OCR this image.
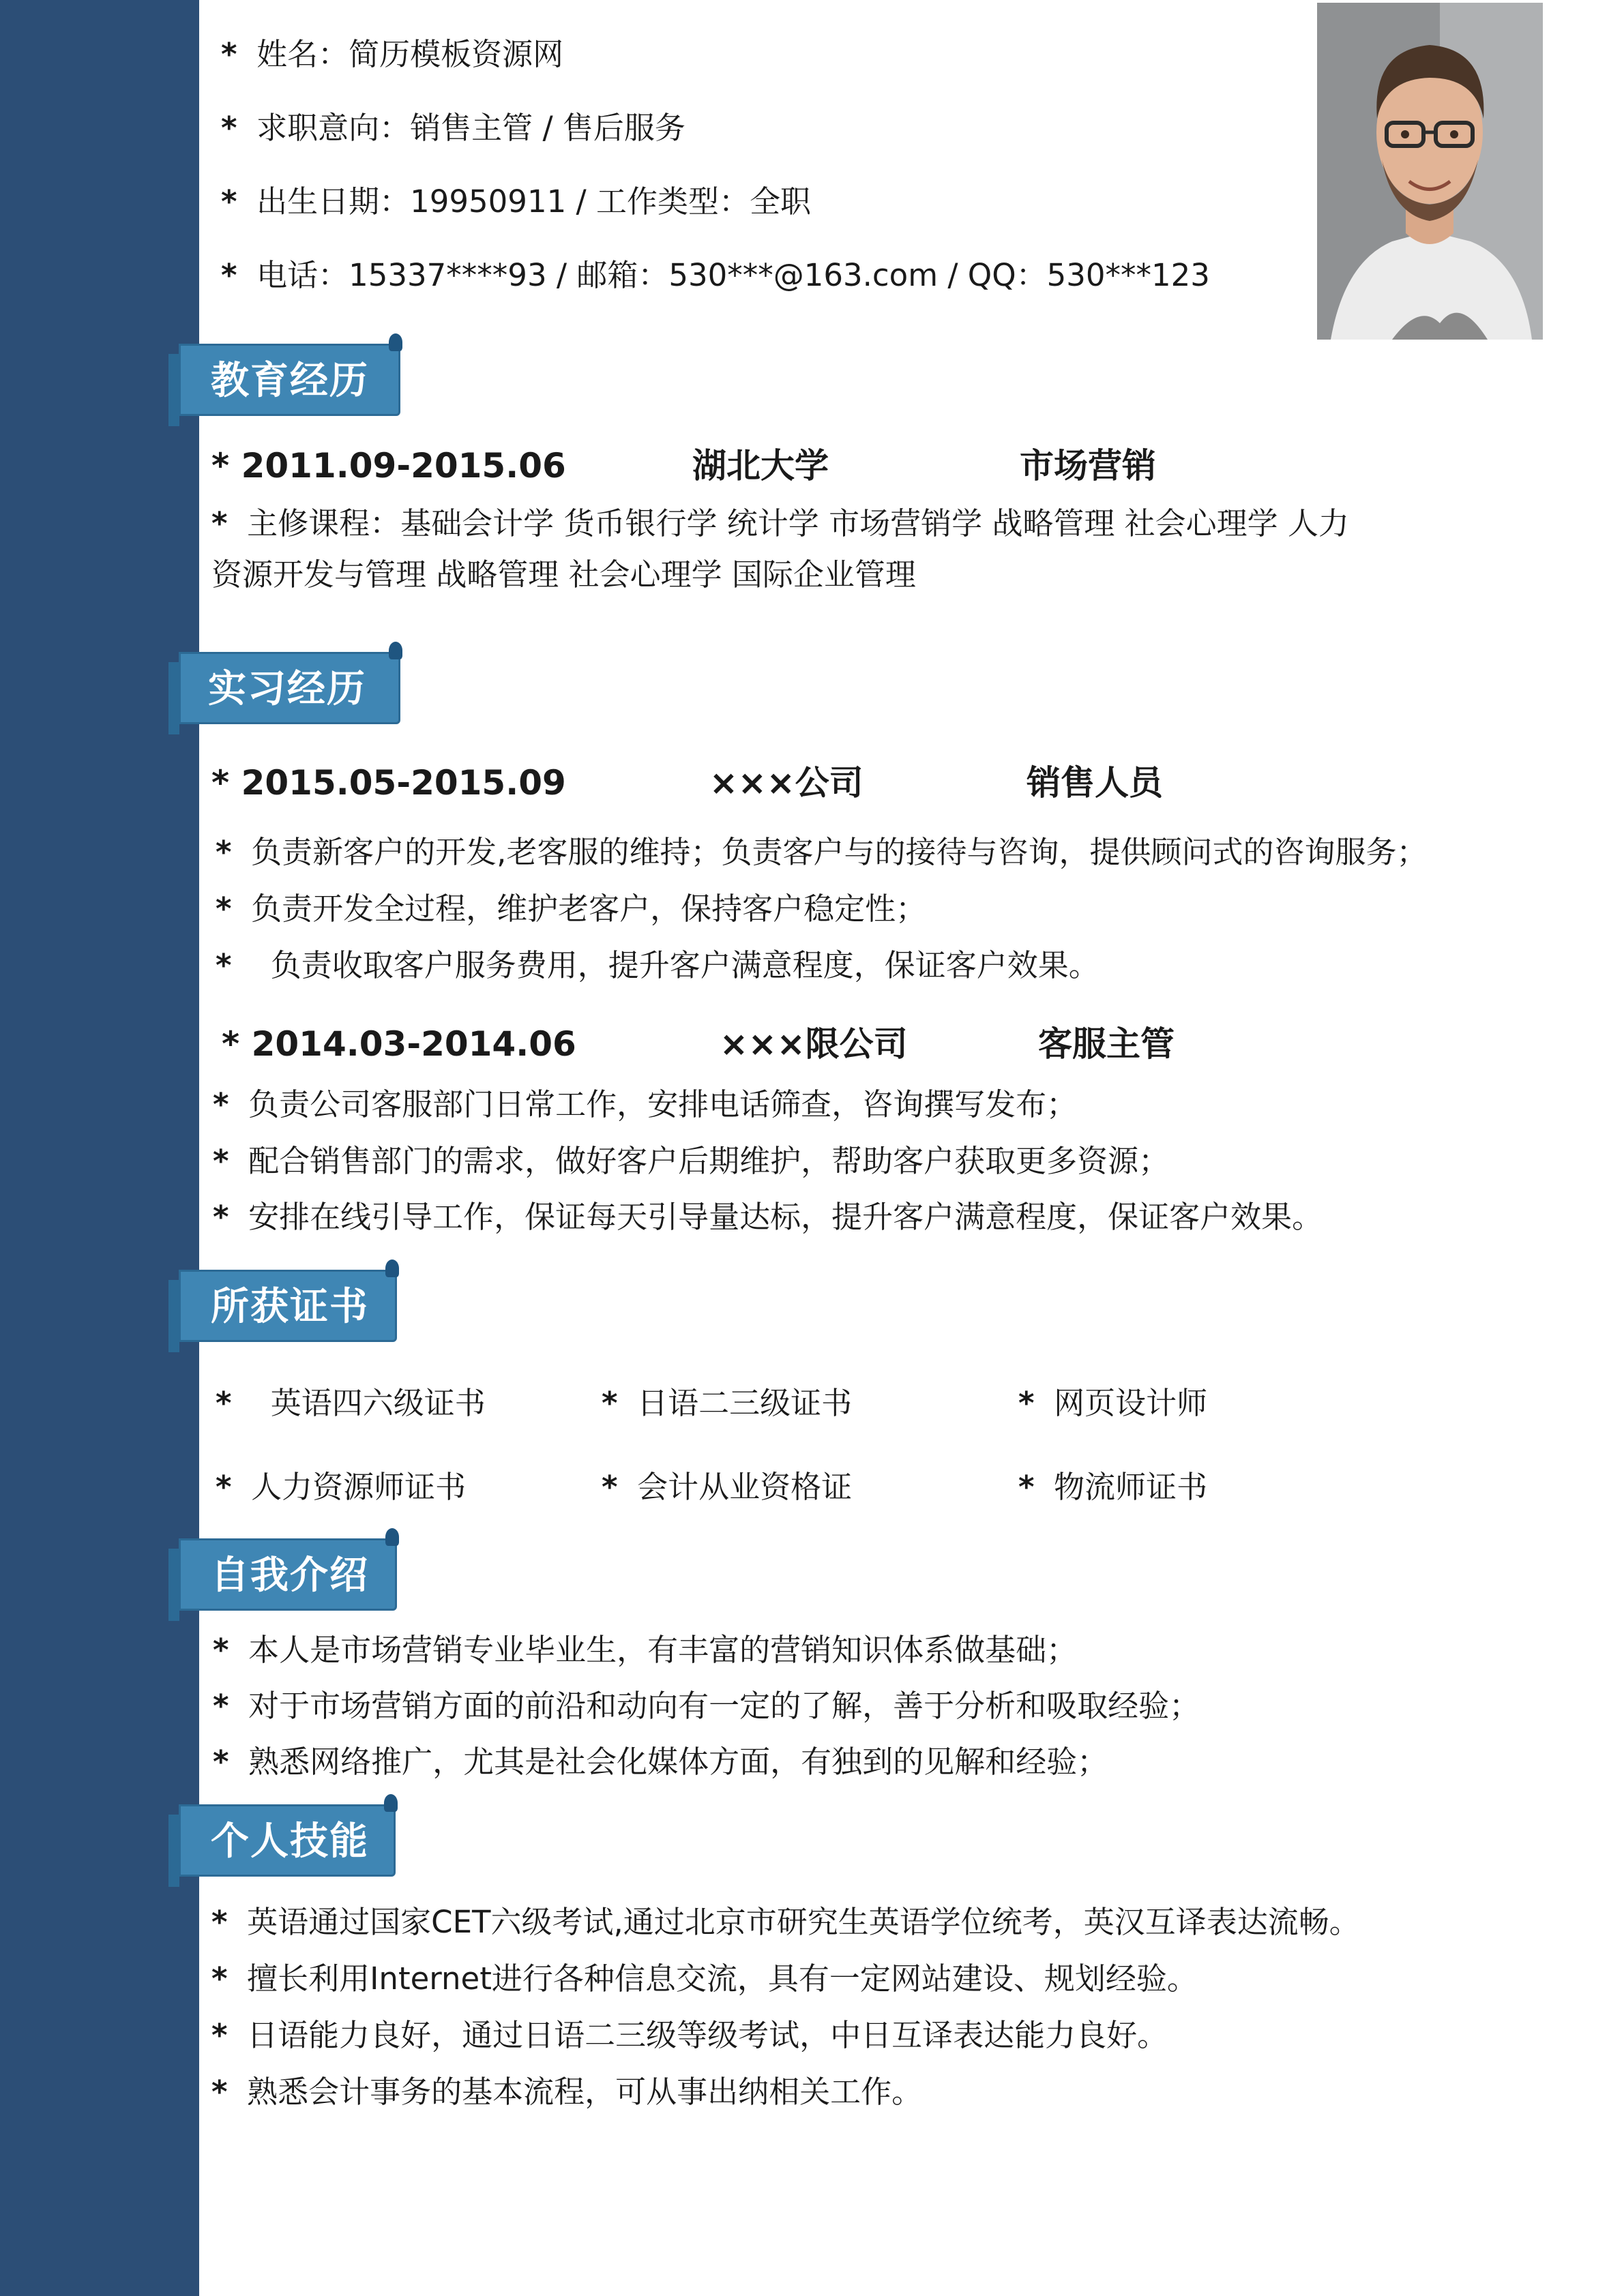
* 姓名：简历模板资源网
* 求职意向：销售主管 / 售后服务
* 出生日期：19950911 / 工作类型：全职
* 电话：15337****93 / 邮箱：530***@163.com / QQ：530***123
教育经历
* 2011.09-2015.06	湖北大学	市场营销
* 主修课程：基础会计学 货币银行学 统计学 市场营销学 战略管理 社会心理学 人力
资源开发与管理 战略管理 社会心理学 国际企业管理
实习经历
* 2015.05-2015.09	×××公司	销售人员
* 负责新客户的开发,老客服的维持；负责客户与的接待与咨询，提供顾问式的咨询服务；
* 负责开发全过程，维护老客户，保持客户稳定性；
* 负责收取客户服务费用，提升客户满意程度，保证客户效果。
* 2014.03-2014.06	×××限公司	客服主管
* 负责公司客服部门日常工作，安排电话筛查，咨询撰写发布；
* 配合销售部门的需求，做好客户后期维护，帮助客户获取更多资源；
* 安排在线引导工作，保证每天引导量达标，提升客户满意程度，保证客户效果。
所获证书
* 英语四六级证书	* 日语二三级证书	* 网页设计师
* 人力资源师证书	* 会计从业资格证	* 物流师证书
自我介绍
* 本人是市场营销专业毕业生，有丰富的营销知识体系做基础；
* 对于市场营销方面的前沿和动向有一定的了解，善于分析和吸取经验；
* 熟悉网络推广，尤其是社会化媒体方面，有独到的见解和经验；
个人技能
* 英语通过国家CET六级考试,通过北京市研究生英语学位统考，英汉互译表达流畅。
* 擅长利用Internet进行各种信息交流，具有一定网站建设、规划经验。
* 日语能力良好，通过日语二三级等级考试，中日互译表达能力良好。
* 熟悉会计事务的基本流程，可从事出纳相关工作。
